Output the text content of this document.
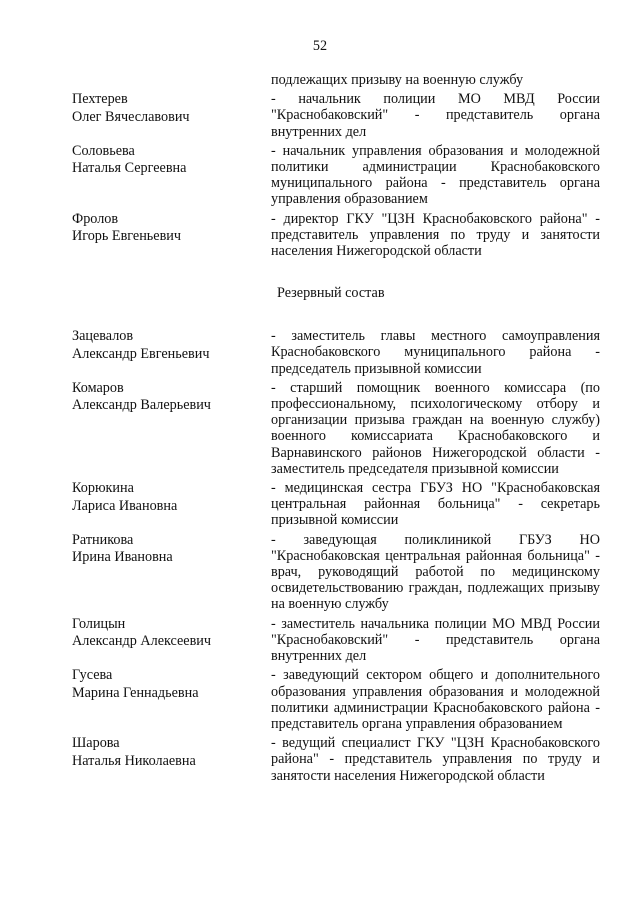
52
подлежащих призыву на военную службу
Пехтерев
Олег Вячеславович
- начальник полиции МО МВД России "Краснобаковский" - представитель органа внутренних дел
Соловьева
Наталья Сергеевна
- начальник управления образования и молодежной политики администрации Краснобаковского муниципального района - представитель органа управления образованием
Фролов
Игорь Евгеньевич
- директор ГКУ "ЦЗН Краснобаковского района" - представитель управления по труду и занятости населения Нижегородской области
Резервный состав
Зацевалов
Александр Евгеньевич
- заместитель главы местного самоуправления Краснобаковского муниципального района - председатель призывной комиссии
Комаров
Александр Валерьевич
- старший помощник военного комиссара (по профессиональному, психологическому отбору и организации призыва граждан на военную службу) военного комиссариата Краснобаковского и Варнавинского районов Нижегородской области - заместитель председателя призывной комиссии
Корюкина
Лариса Ивановна
- медицинская сестра ГБУЗ НО "Краснобаковская центральная районная больница" - секретарь призывной комиссии
Ратникова
Ирина Ивановна
- заведующая поликлиникой ГБУЗ НО "Краснобаковская центральная районная больница" - врач, руководящий работой по медицинскому освидетельствованию граждан, подлежащих призыву на военную службу
Голицын
Александр Алексеевич
- заместитель начальника полиции МО МВД России "Краснобаковский" - представитель органа внутренних дел
Гусева
Марина Геннадьевна
- заведующий сектором общего и дополнительного образования управления образования и молодежной политики администрации Краснобаковского района - представитель органа управления образованием
Шарова
Наталья Николаевна
- ведущий специалист ГКУ "ЦЗН Краснобаковского района" - представитель управления по труду и занятости населения Нижегородской области
